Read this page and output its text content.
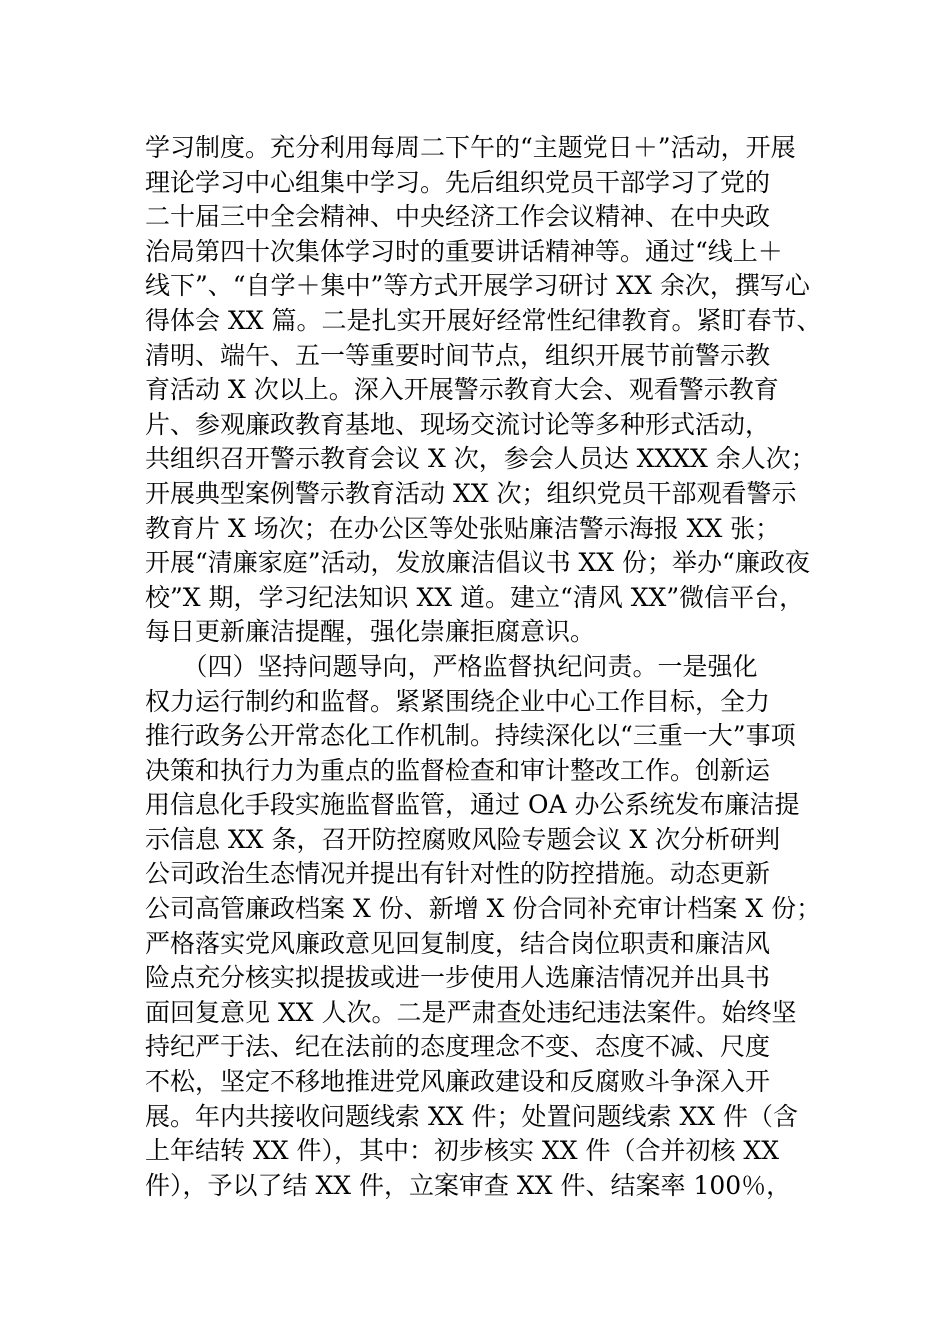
学习制度。充分利用每周二下午的“主题党日＋”活动，开展
理论学习中心组集中学习。先后组织党员干部学习了党的
二十届三中全会精神、中央经济工作会议精神、在中央政
治局第四十次集体学习时的重要讲话精神等。通过“线上＋
线下”、“自学＋集中”等方式开展学习研讨 XX 余次，撰写心
得体会 XX 篇。二是扎实开展好经常性纪律教育。紧盯春节、
清明、端午、五一等重要时间节点，组织开展节前警示教
育活动 X 次以上。深入开展警示教育大会、观看警示教育
片、参观廉政教育基地、现场交流讨论等多种形式活动，
共组织召开警示教育会议 X 次，参会人员达 XXXX 余人次；
开展典型案例警示教育活动 XX 次；组织党员干部观看警示
教育片 X 场次；在办公区等处张贴廉洁警示海报 XX 张；
开展“清廉家庭”活动，发放廉洁倡议书 XX 份；举办“廉政夜
校”X 期，学习纪法知识 XX 道。建立“清风 XX”微信平台，
每日更新廉洁提醒，强化崇廉拒腐意识。
　　（四）坚持问题导向，严格监督执纪问责。一是强化
权力运行制约和监督。紧紧围绕企业中心工作目标，全力
推行政务公开常态化工作机制。持续深化以“三重一大”事项
决策和执行力为重点的监督检查和审计整改工作。创新运
用信息化手段实施监督监管，通过 OA 办公系统发布廉洁提
示信息 XX 条，召开防控腐败风险专题会议 X 次分析研判
公司政治生态情况并提出有针对性的防控措施。动态更新
公司高管廉政档案 X 份、新增 X 份合同补充审计档案 X 份；
严格落实党风廉政意见回复制度，结合岗位职责和廉洁风
险点充分核实拟提拔或进一步使用人选廉洁情况并出具书
面回复意见 XX 人次。二是严肃查处违纪违法案件。始终坚
持纪严于法、纪在法前的态度理念不变、态度不减、尺度
不松，坚定不移地推进党风廉政建设和反腐败斗争深入开
展。年内共接收问题线索 XX 件；处置问题线索 XX 件（含
上年结转 XX 件），其中：初步核实 XX 件（合并初核 XX
件），予以了结 XX 件，立案审查 XX 件、结案率 100％，
